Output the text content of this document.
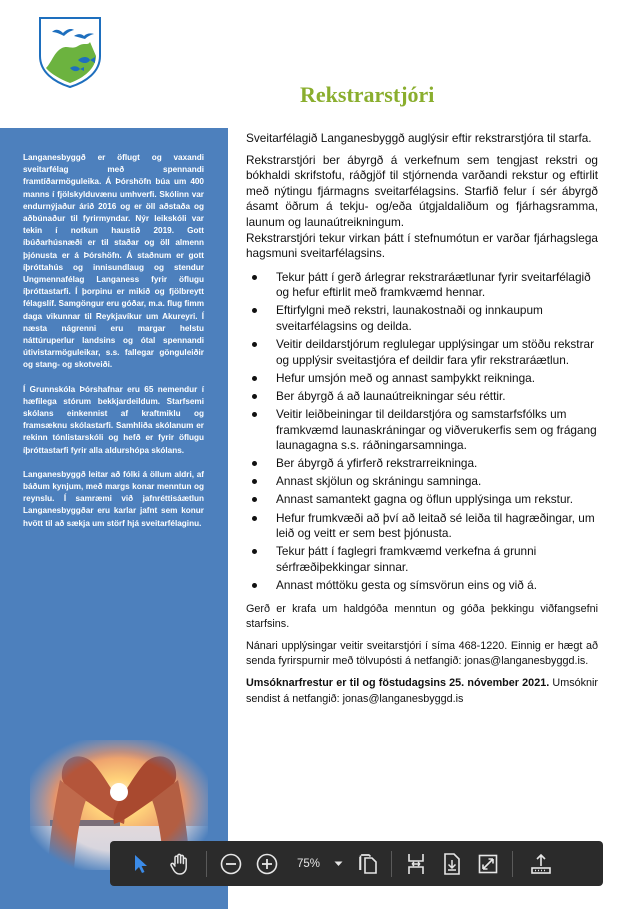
Rekstrarstjóri

Langanesbyggð er öflugt og vaxandi sveitarfélag með spennandi framtíðarmöguleika. Á Þórshöfn búa um 400 manns í fjölskylduvænu umhverfi. Skólinn var endurnýjaður árið 2016 og er öll aðstaða og aðbúnaður til fyrirmyndar. Nýr leikskóli var tekin í notkun haustið 2019. Gott íbúðarhúsnæði er til staðar og öll almenn þjónusta er á Þórshöfn. Á staðnum er gott íþróttahús og innisundlaug og stendur Ungmennafélag Langaness fyrir öflugu íþróttastarfi. Í þorpinu er mikið og fjölbreytt félagslíf. Samgöngur eru góðar, m.a. flug fimm daga vikunnar til Reykjavíkur um Akureyri. Í næsta nágrenni eru margar helstu náttúruperlur landsins og ótal spennandi útivistarmöguleikar, s.s. fallegar gönguleiðir og stang- og skotveiði.

Í Grunnskóla Þórshafnar eru 65 nemendur í hæfilega stórum bekkjardeildum. Starfsemi skólans einkennist af kraftmiklu og framsæknu skólastarfi. Samhliða skólanum er rekinn tónlistarskóli og hefð er fyrir öflugu íþróttastarfi fyrir alla aldurshópa skólans.

Langanesbyggð leitar að fólki á öllum aldri, af báðum kynjum, með margs konar menntun og reynslu. Í samræmi við jafnréttisáætlun Langanesbyggðar eru karlar jafnt sem konur hvött til að sækja um störf hjá sveitarfélaginu.

Sveitarfélagið Langanesbyggð auglýsir eftir rekstrarstjóra til starfa.

Rekstrarstjóri ber ábyrgð á verkefnum sem tengjast rekstri og bókhaldi skrifstofu, ráðgjöf til stjórnenda varðandi rekstur og eftirlit með nýtingu fjármagns sveitarfélagsins. Starfið felur í sér ábyrgð ásamt öðrum á tekju- og/eða útgjaldaliðum og fjárhagsramma, launum og launaútreikningum.

Rekstrarstjóri tekur virkan þátt í stefnumótun er varðar fjárhagslega hagsmuni sveitarfélagsins.

Tekur þátt í gerð árlegrar rekstraráætlunar fyrir sveitarfélagið og hefur eftirlit með framkvæmd hennar.
Eftirfylgni með rekstri, launakostnaði og innkaupum sveitarfélagsins og deilda.
Veitir deildarstjórum reglulegar upplýsingar um stöðu rekstrar og upplýsir sveitastjóra ef deildir fara yfir rekstraráætlun.
Hefur umsjón með og annast samþykkt reikninga.
Ber ábyrgð á að launaútreikningar séu réttir.
Veitir leiðbeiningar til deildarstjóra og samstarfsfólks um framkvæmd launaskráningar og viðverukerfis sem og frágang launagagna s.s. ráðningarsamninga.
Ber ábyrgð á yfirferð rekstrarreikninga.
Annast skjölun og skráningu samninga.
Annast samantekt gagna og öflun upplýsinga um rekstur.
Hefur frumkvæði að því að leitað sé leiða til hagræðingar, um leið og veitt er sem best þjónusta.
Tekur þátt í faglegri framkvæmd verkefna á grunni sérfræðiþekkingar sinnar.
Annast móttöku gesta og símsvörun eins og við á.

Gerð er krafa um haldgóða menntun og góða þekkingu viðfangsefni starfsins.

Nánari upplýsingar veitir sveitarstjóri í síma 468-1220. Einnig er hægt að senda fyrirspurnir með tölvupósti á netfangið: jonas@langanesbyggd.is.

Umsóknarfrestur er til og föstudagsins 25. nóvember 2021. Umsóknir sendist á netfangið: jonas@langanesbyggd.is

75%
